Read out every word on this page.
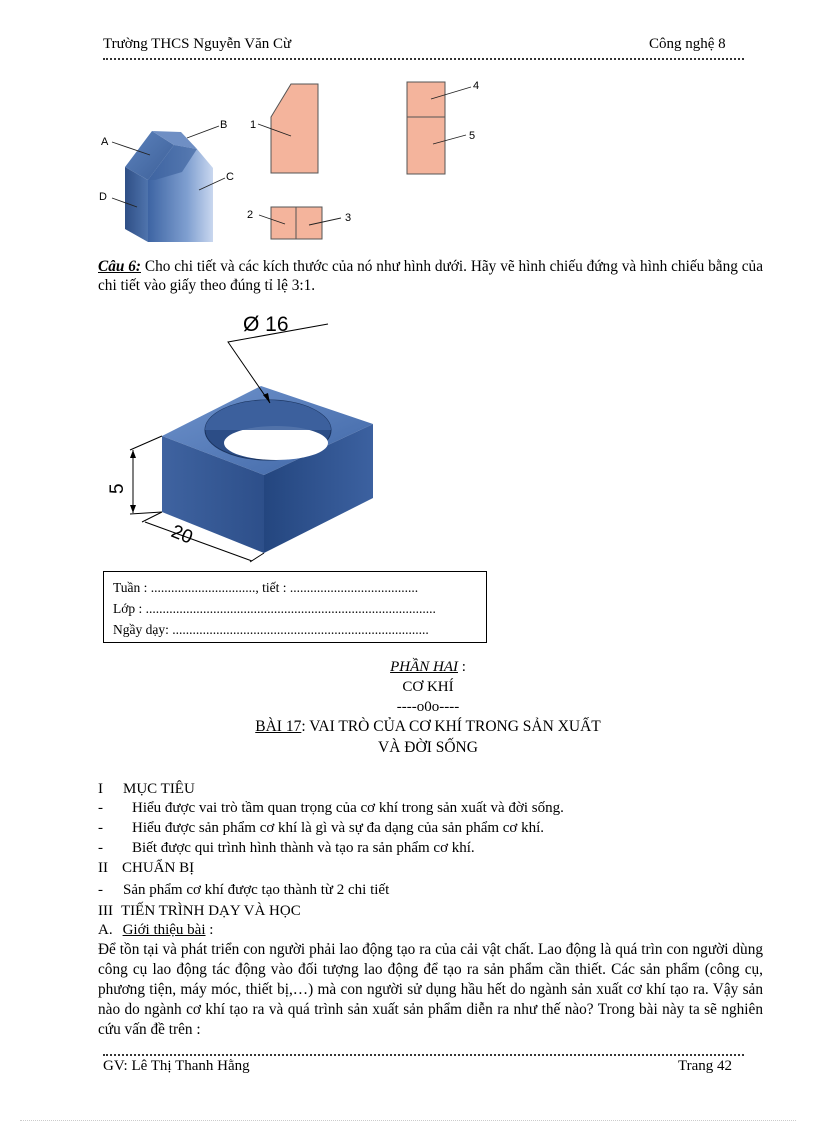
Trường THCS Nguyễn Văn Cừ	Công nghệ 8
A
B
C
D
1
2	3
4
5
Câu 6: Cho chi tiết và các kích thước của nó như hình dưới. Hãy vẽ hình chiếu đứng và hình chiếu bằng của chi tiết vào giấy theo đúng tỉ lệ 3:1.
Ø 16
5
20
Tuần : ..............................., tiết : ......................................
Lớp : ......................................................................................
Ngầy dạy: ............................................................................
PHẦN HAI :
CƠ KHÍ
----o0o----
BÀI 17: VAI TRÒ CỦA CƠ KHÍ TRONG SẢN XUẤT
VÀ ĐỜI SỐNG
I MỤC TIÊU
- Hiểu được vai trò tầm quan trọng của cơ khí trong sản xuất và đời sống.
- Hiểu được sản phẩm cơ khí là gì và sự đa dạng của sản phẩm cơ khí.
- Biết được qui trình hình thành và tạo ra sản phẩm cơ khí.
II CHUẨN BỊ
- Sản phẩm cơ khí được tạo thành từ 2 chi tiết
III TIẾN TRÌNH DẠY VÀ HỌC
A. Giới thiệu bài :
Để tồn tại và phát triển con người phải lao động tạo ra của cải vật chất. Lao động là quá trìn con người dùng công cụ lao động tác động vào đối tượng lao động để tạo ra sản phẩm cần thiết. Các sản phẩm (công cụ, phương tiện, máy móc, thiết bị,…) mà con người sử dụng hầu hết do ngành sản xuất cơ khí tạo ra. Vậy sản nào do ngành cơ khí tạo ra và quá trình sản xuất sản phẩm diễn ra như thế nào? Trong bài này ta sẽ nghiên cứu vấn đề trên :
GV: Lê Thị Thanh Hằng	Trang 42
